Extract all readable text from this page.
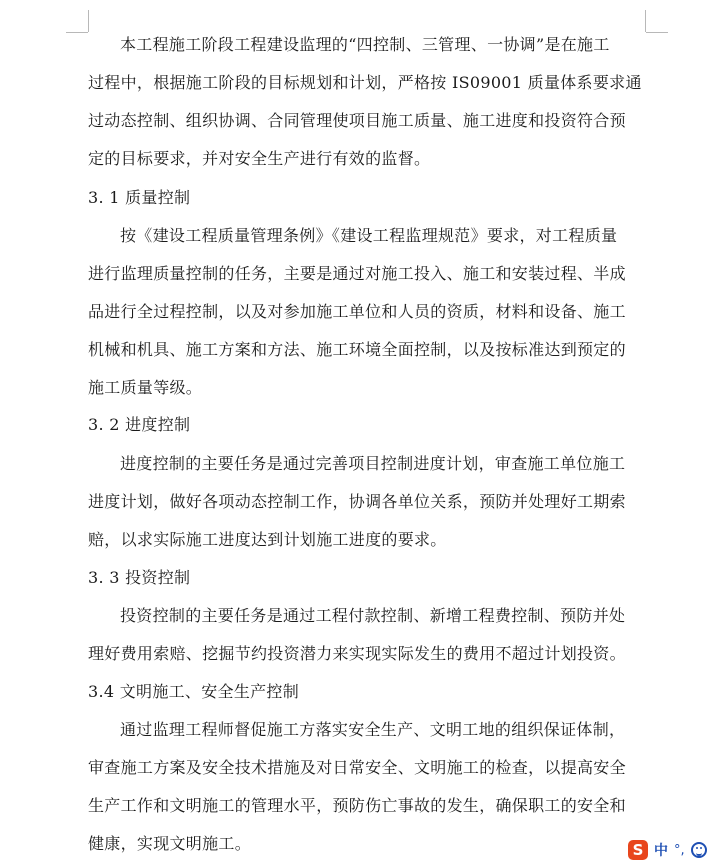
本工程施工阶段工程建设监理的“四控制、三管理、一协调”是在施工
过程中，根据施工阶段的目标规划和计划，严格按 IS09001 质量体系要求通
过动态控制、组织协调、合同管理使项目施工质量、施工进度和投资符合预
定的目标要求，并对安全生产进行有效的监督。
3. 1 质量控制
按《建设工程质量管理条例》《建设工程监理规范》要求，对工程质量
进行监理质量控制的任务，主要是通过对施工投入、施工和安装过程、半成
品进行全过程控制，以及对参加施工单位和人员的资质，材料和设备、施工
机械和机具、施工方案和方法、施工环境全面控制，以及按标准达到预定的
施工质量等级。
3. 2 进度控制
进度控制的主要任务是通过完善项目控制进度计划，审查施工单位施工
进度计划，做好各项动态控制工作，协调各单位关系，预防并处理好工期索
赔，以求实际施工进度达到计划施工进度的要求。
3. 3 投资控制
投资控制的主要任务是通过工程付款控制、新增工程费控制、预防并处
理好费用索赔、挖掘节约投资潜力来实现实际发生的费用不超过计划投资。
3.4 文明施工、安全生产控制
通过监理工程师督促施工方落实安全生产、文明工地的组织保证体制，
审查施工方案及安全技术措施及对日常安全、文明施工的检查，以提高安全
生产工作和文明施工的管理水平，预防伤亡事故的发生，确保职工的安全和
健康，实现文明施工。	S 中 °,
